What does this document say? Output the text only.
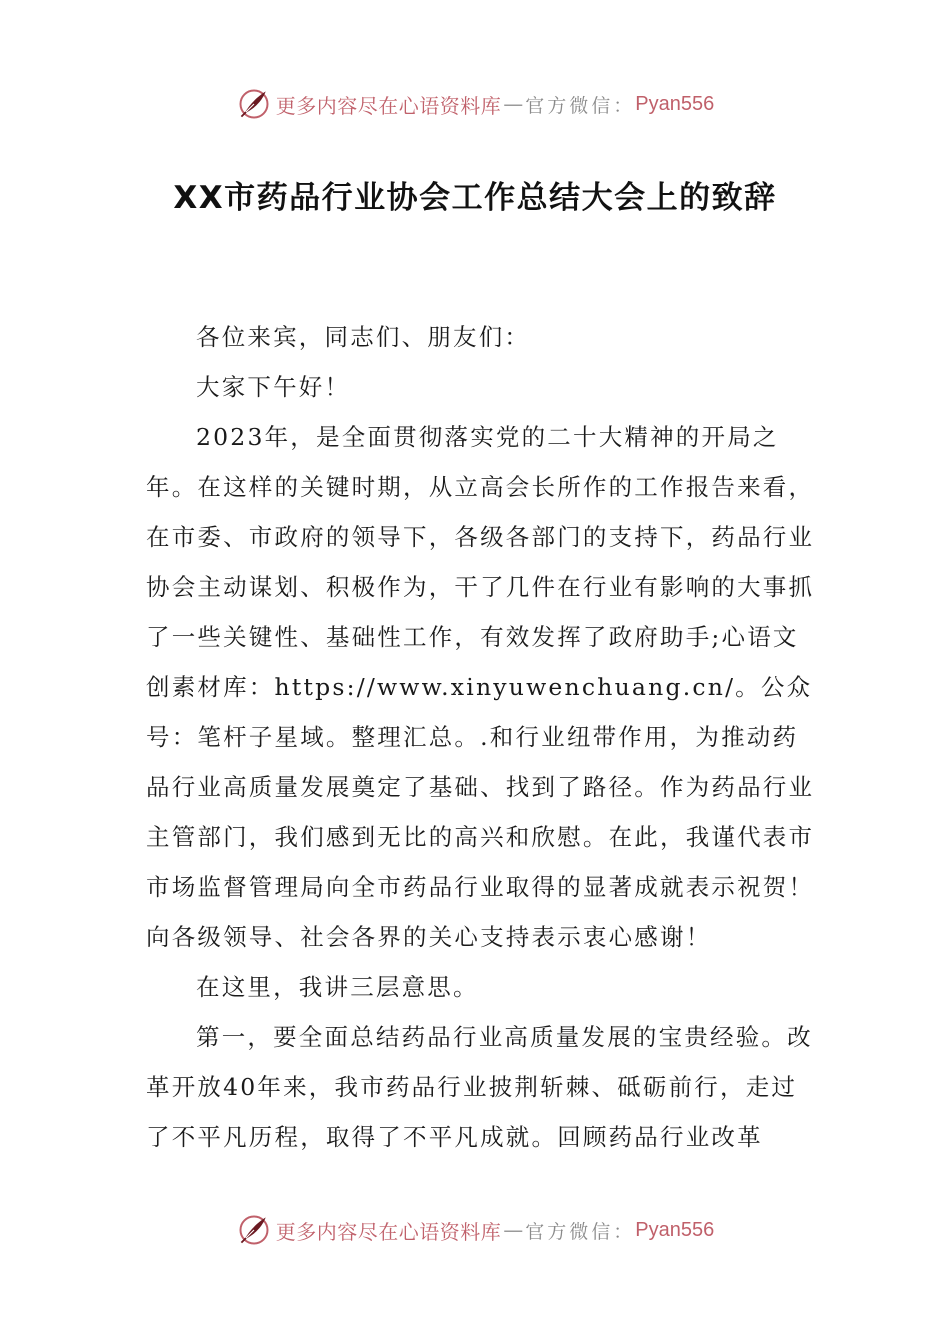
更多内容尽在心语资料库 — 官方微信： Pyan556
XX市药品行业协会工作总结大会上的致辞

各位来宾，同志们、朋友们：

大家下午好！

2023年，是全面贯彻落实党的二十大精神的开局之年。在这样的关键时期，从立高会长所作的工作报告来看，在市委、市政府的领导下，各级各部门的支持下，药品行业协会主动谋划、积极作为，干了几件在行业有影响的大事抓了一些关键性、基础性工作，有效发挥了政府助手;心语文创素材库：https://www.xinyuwenchuang.cn/。公众号：笔杆子星域。整理汇总。.和行业纽带作用，为推动药品行业高质量发展奠定了基础、找到了路径。作为药品行业主管部门，我们感到无比的高兴和欣慰。在此，我谨代表市市场监督管理局向全市药品行业取得的显著成就表示祝贺！向各级领导、社会各界的关心支持表示衷心感谢！

在这里，我讲三层意思。

第一，要全面总结药品行业高质量发展的宝贵经验。改革开放40年来，我市药品行业披荆斩棘、砥砺前行，走过了不平凡历程，取得了不平凡成就。回顾药品行业改革

更多内容尽在心语资料库 — 官方微信： Pyan556
